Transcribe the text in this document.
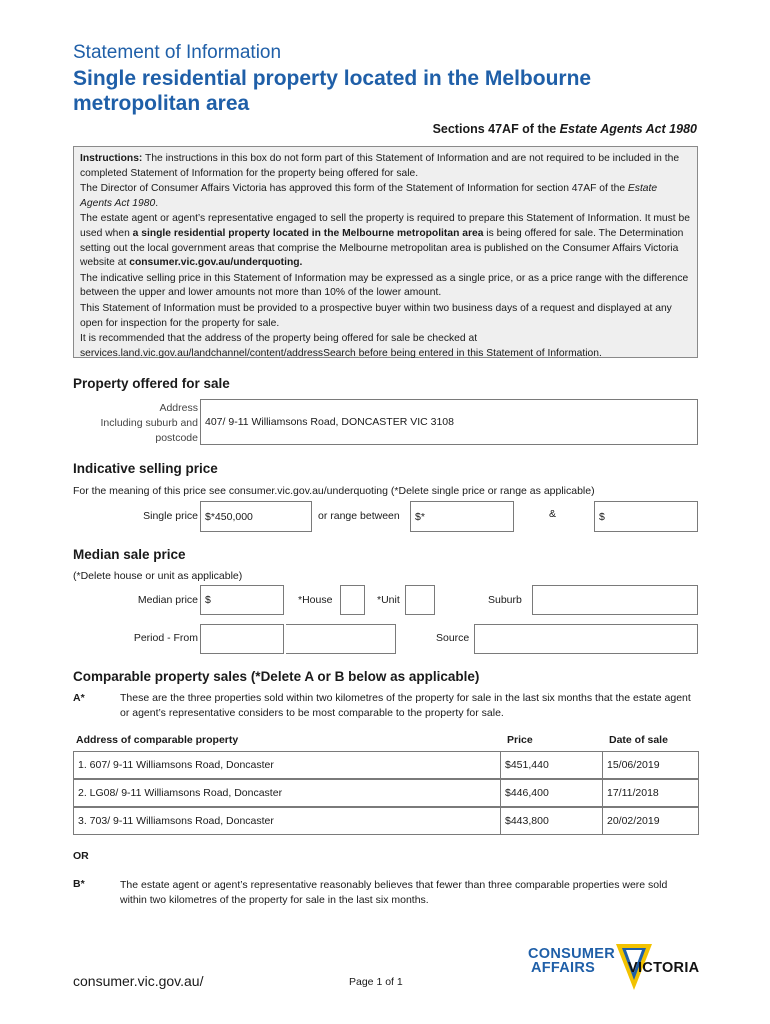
Statement of Information
Single residential property located in the Melbourne metropolitan area
Sections 47AF of the Estate Agents Act 1980

Instructions: The instructions in this box do not form part of this Statement of Information and are not required to be included in the completed Statement of Information for the property being offered for sale.

The Director of Consumer Affairs Victoria has approved this form of the Statement of Information for section 47AF of the Estate Agents Act 1980.

The estate agent or agent’s representative engaged to sell the property is required to prepare this Statement of Information. It must be used when a single residential property located in the Melbourne metropolitan area is being offered for sale. The Determination setting out the local government areas that comprise the Melbourne metropolitan area is published on the Consumer Affairs Victoria website at consumer.vic.gov.au/underquoting.

The indicative selling price in this Statement of Information may be expressed as a single price, or as a price range with the difference between the upper and lower amounts not more than 10% of the lower amount.

This Statement of Information must be provided to a prospective buyer within two business days of a request and displayed at any open for inspection for the property for sale.

It is recommended that the address of the property being offered for sale be checked at services.land.vic.gov.au/landchannel/content/addressSearch before being entered in this Statement of Information.

Property offered for sale
Address
Including suburb and
postcode
407/ 9-11 Williamsons Road, DONCASTER VIC 3108
Indicative selling price
For the meaning of this price see consumer.vic.gov.au/underquoting (*Delete single price or range as applicable)
Single price $*450,000	or range between	$*	&	$
Median sale price
(*Delete house or unit as applicable)
Median price $	*House	*Unit	Suburb
Period - From	Source
Comparable property sales (*Delete A or B below as applicable)
A*	These are the three properties sold within two kilometres of the property for sale in the last six months that the estate agent or agent’s representative considers to be most comparable to the property for sale.
Address of comparable property	Price	Date of sale
1. 607/ 9-11 Williamsons Road, Doncaster	$451,440	15/06/2019
2. LG08/ 9-11 Williamsons Road, Doncaster	$446,400	17/11/2018
3. 703/ 9-11 Williamsons Road, Doncaster	$443,800	20/02/2019
OR
B*	The estate agent or agent’s representative reasonably believes that fewer than three comparable properties were sold within two kilometres of the property for sale in the last six months.
consumer.vic.gov.au/	Page 1 of 1
CONSUMER
AFFAIRS VICTORIA
